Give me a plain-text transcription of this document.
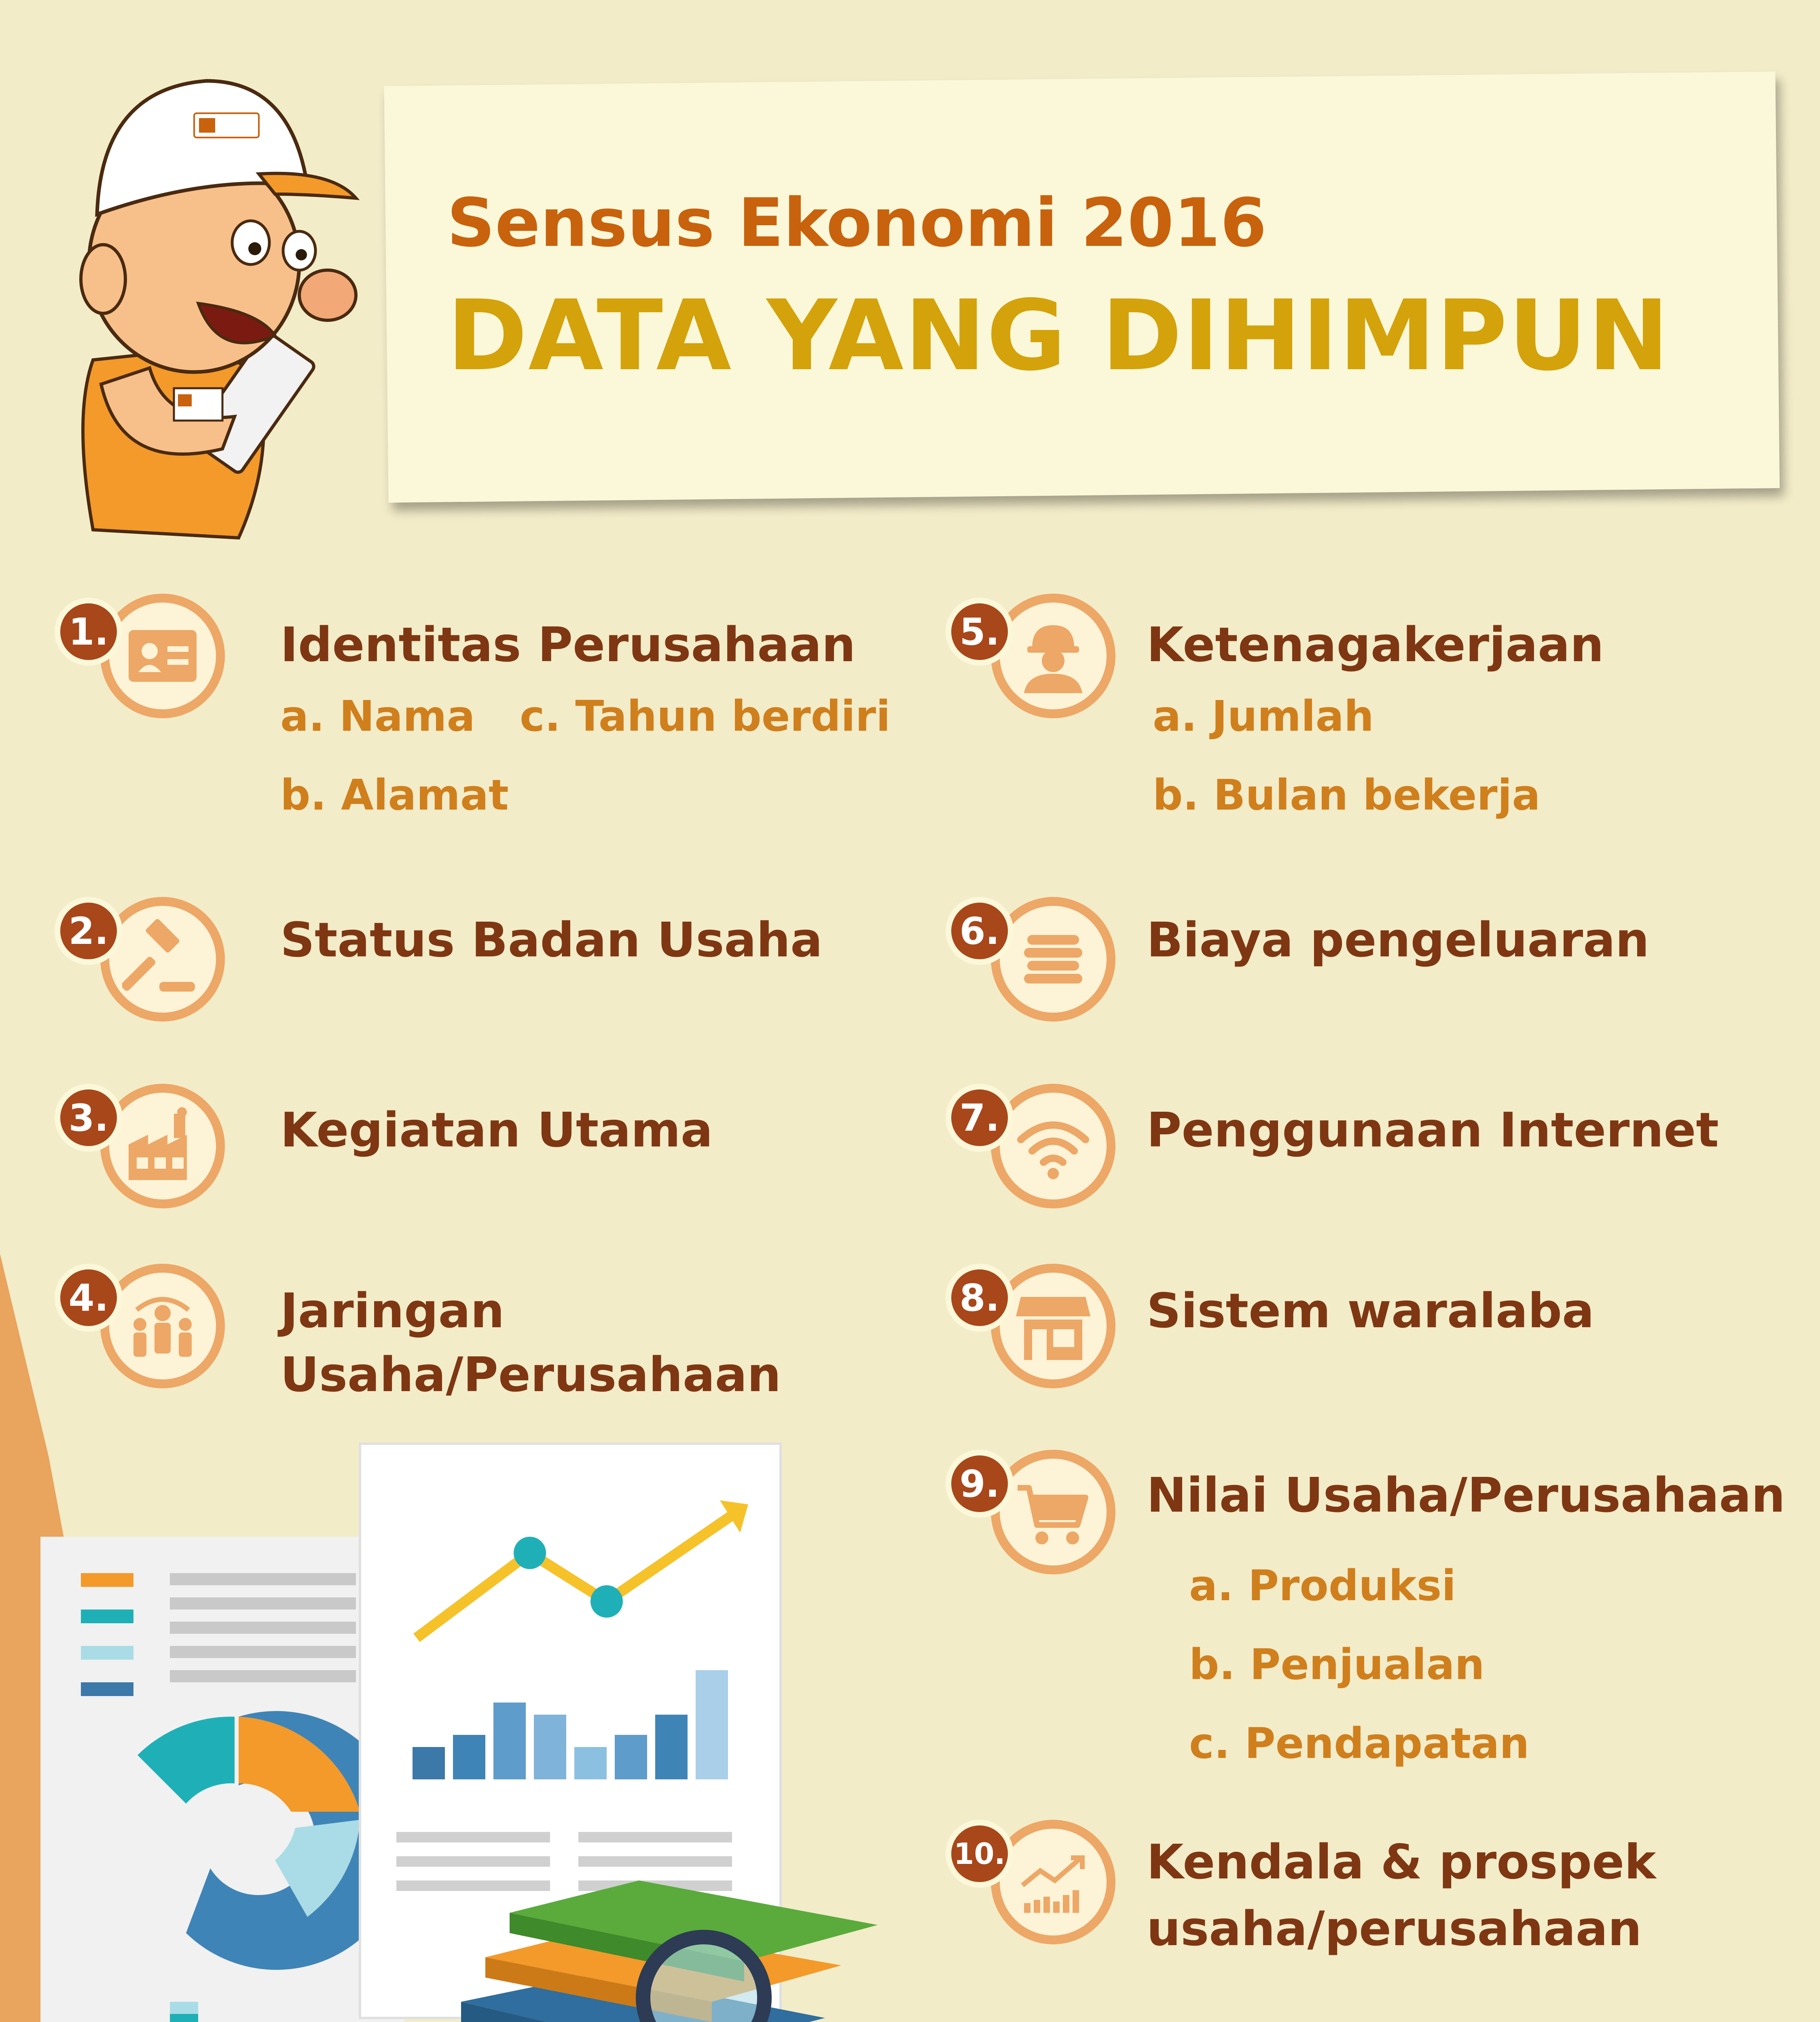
Sensus Ekonomi 2016
DATA YANG DIHIMPUN
1.	Identitas Perusahaan
a. Nama c. Tahun berdiri
b. Alamat
2.	Status Badan Usaha
3.	Kegiatan Utama
4.	Jaringan
Usaha/Perusahaan
5.	Ketenagakerjaan
a. Jumlah
b. Bulan bekerja
6.	Biaya pengeluaran
7.	Penggunaan Internet
8.	Sistem waralaba
9.	Nilai Usaha/Perusahaan
a. Produksi
b. Penjualan
c. Pendapatan
10.	Kendala & prospek
usaha/perusahaan
